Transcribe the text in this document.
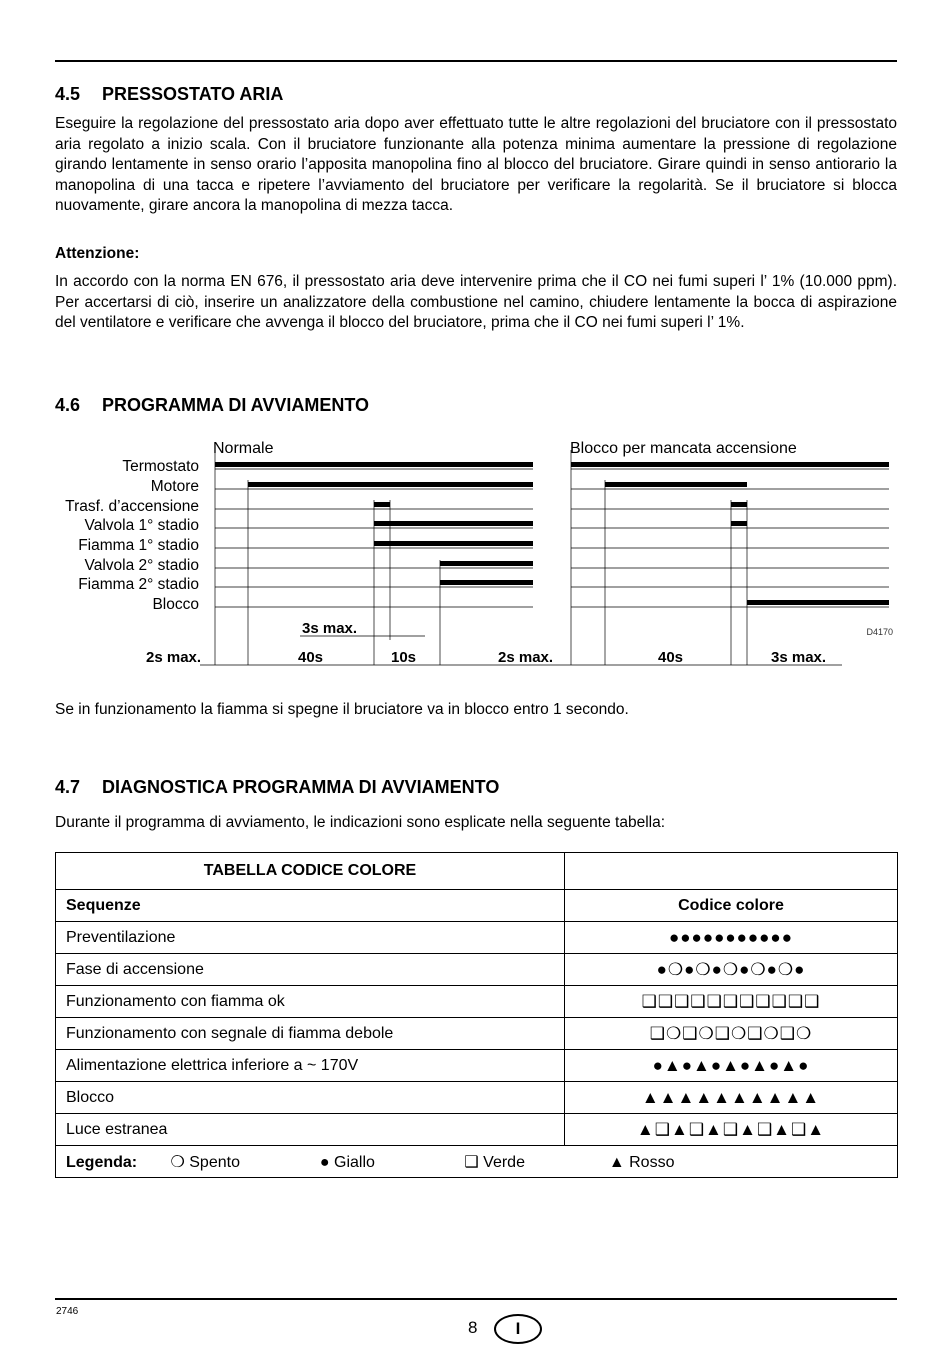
4.5 PRESSOSTATO ARIA

Eseguire la regolazione del pressostato aria dopo aver effettuato tutte le altre regolazioni del bruciatore con il pressostato aria regolato a inizio scala. Con il bruciatore funzionante alla potenza minima aumentare la pressione di regolazione girando lentamente in senso orario l’apposita manopolina fino al blocco del bruciatore. Girare quindi in senso antiorario la manopolina di una tacca e ripetere l’avviamento del bruciatore per verificare la regolarità. Se il bruciatore si blocca nuovamente, girare ancora la manopolina di mezza tacca.

Attenzione:

In accordo con la norma EN 676, il pressostato aria deve intervenire prima che il CO nei fumi superi l’ 1% (10.000 ppm). Per accertarsi di ciò, inserire un analizzatore della combustione nel camino, chiudere lentamente la bocca di aspirazione del ventilatore e verificare che avvenga il blocco del bruciatore, prima che il CO nei fumi superi l’ 1%.

4.6 PROGRAMMA DI AVVIAMENTO
Termostato
Motore
Trasf. d’accensione
Valvola 1° stadio
Fiamma 1° stadio
Valvola 2° stadio
Fiamma 2° stadio
Blocco
Normale	Blocco per mancata accensione
D4170
3s max.
2s max.	40s	10s	2s max.	40s	3s max.

Se in funzionamento la fiamma si spegne il bruciatore va in blocco entro 1 secondo.

4.7 DIAGNOSTICA PROGRAMMA DI AVVIAMENTO

Durante il programma di avviamento, le indicazioni sono esplicate nella seguente tabella:

TABELLA CODICE COLORE	
Sequenze	Codice colore
Preventilazione	●●●●●●●●●●●
Fase di accensione	●❍●❍●❍●❍●❍●
Funzionamento con fiamma ok	❑❑❑❑❑❑❑❑❑❑❑
Funzionamento con segnale di fiamma debole	❑❍❑❍❑❍❑❍❑❍
Alimentazione elettrica inferiore a ~ 170V	●▲●▲●▲●▲●▲●
Blocco	▲▲▲▲▲▲▲▲▲▲
Luce estranea	▲❑▲❑▲❑▲❑▲❑▲
Legenda: ❍ Spento ● Giallo ❑ Verde ▲ Rosso	
2746
8	I
